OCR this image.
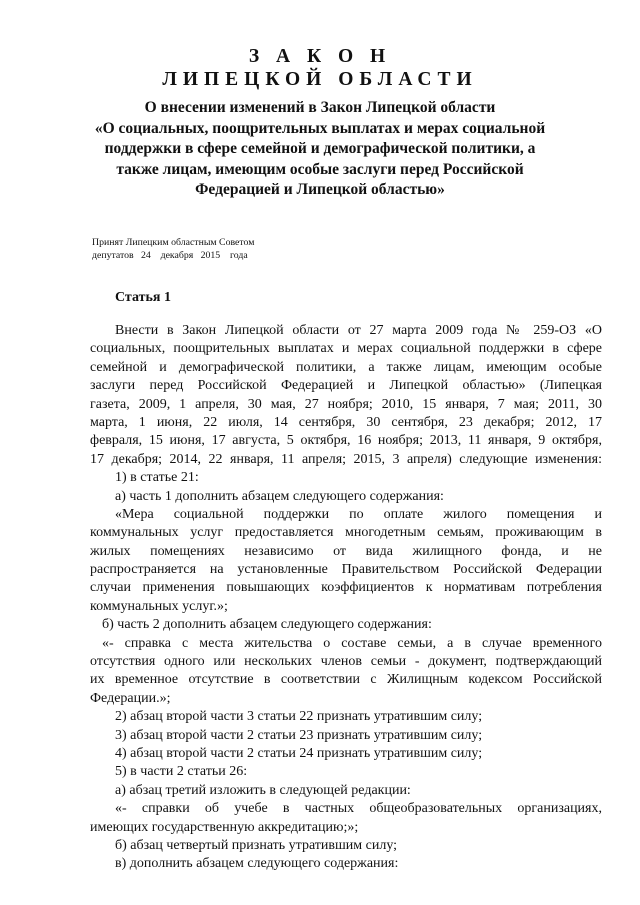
З А К О Н
ЛИПЕЦКОЙ ОБЛАСТИ
О внесении изменений в Закон Липецкой области
«О социальных, поощрительных выплатах и мерах социальной
поддержки в сфере семейной и демографической политики, а
также лицам, имеющим особые заслуги перед Российской
Федерацией и Липецкой областью»
Принят Липецким областным Советом
депутатов   24    декабря   2015    года
Статья 1
Внести в Закон Липецкой области от 27 марта 2009 года № 259-ОЗ «О
социальных, поощрительных выплатах и мерах социальной поддержки в сфере
семейной и демографической политики, а также лицам, имеющим особые
заслуги перед Российской Федерацией и Липецкой областью» (Липецкая
газета, 2009, 1 апреля, 30 мая, 27 ноября; 2010, 15 января, 7 мая; 2011, 30
марта, 1 июня, 22 июля, 14 сентября, 30 сентября, 23 декабря; 2012, 17
февраля, 15 июня, 17 августа, 5 октября, 16 ноября; 2013, 11 января, 9 октября,
17 декабря; 2014, 22 января, 11 апреля; 2015, 3 апреля) следующие изменения:
1) в статье 21:
а) часть 1 дополнить абзацем следующего содержания:
«Мера социальной поддержки по оплате жилого помещения и
коммунальных услуг предоставляется многодетным семьям, проживающим в
жилых помещениях независимо от вида жилищного фонда, и не
распространяется на установленные Правительством Российской Федерации
случаи применения повышающих коэффициентов к нормативам потребления
коммунальных услуг.»;
б) часть 2 дополнить абзацем следующего содержания:
«- справка с места жительства о составе семьи, а в случае временного
отсутствия одного или нескольких членов семьи - документ, подтверждающий
их временное отсутствие в соответствии с Жилищным кодексом Российской
Федерации.»;
2) абзац второй части 3 статьи 22 признать утратившим силу;
3) абзац второй части 2 статьи 23 признать утратившим силу;
4) абзац второй части 2 статьи 24 признать утратившим силу;
5) в части 2 статьи 26:
а) абзац третий изложить в следующей редакции:
«- справки об учебе в частных общеобразовательных организациях,
имеющих государственную аккредитацию;»;
б) абзац четвертый признать утратившим силу;
в) дополнить абзацем следующего содержания:
